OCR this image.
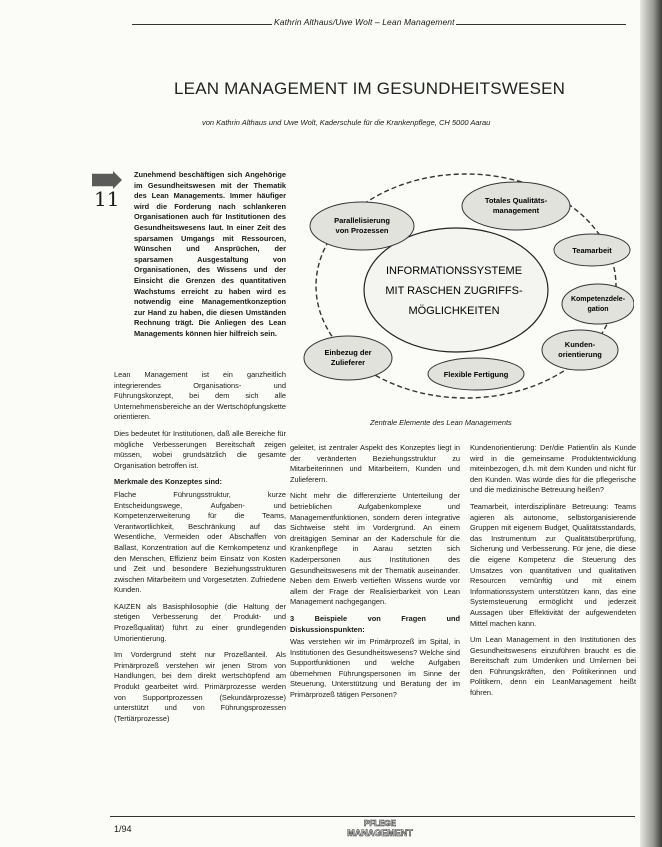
Kathrin Althaus/Uwe Wolt – Lean Management
LEAN MANAGEMENT IM GESUNDHEITSWESEN
von Kathrin Althaus und Uwe Wolt, Kaderschule für die Krankenpflege, CH 5000 Aarau
11

Zunehmend beschäftigen sich Angehörige im Gesundheitswesen mit der Thematik des Lean Managements. Immer häufiger wird die Forderung nach schlankeren Organisationen auch für Institutionen des Gesundheitswesens laut. In einer Zeit des sparsamen Umgangs mit Ressourcen, Wünschen und Ansprüchen, der sparsamen Ausgestaltung von Organisationen, des Wissens und der Einsicht die Grenzen des quantitativen Wachstums erreicht zu haben wird es notwendig eine Managementkonzeption zur Hand zu haben, die diesen Umständen Rechnung trägt. Die Anliegen des Lean Managements können hier hilfreich sein.

Lean Management ist ein ganzheitlich integrierendes Organisations- und Führungskonzept, bei dem sich alle Unternehmensbereiche an der Wertschöpfungskette orientieren.

Dies bedeutet für Institutionen, daß alle Bereiche für mögliche Verbesserungen Bereitschaft zeigen müssen, wobei grundsätzlich die gesamte Organisation betroffen ist.

Merkmale des Konzeptes sind:

Flache Führungsstruktur, kurze Entscheidungswege, Aufgaben- und Kompetenzerweiterung für die Teams, Verantwortlichkeit, Beschränkung auf das Wesentliche, Vermeiden oder Abschaffen von Ballast, Konzentration auf die Kernkompetenz und den Menschen, Effizienz beim Einsatz von Kosten und Zeit und besondere Beziehungsstrukturen zwischen Mitarbeitern und Vorgesetzten. Zufriedene Kunden.

KAIZEN als Basisphilosophie (die Haltung der stetigen Verbesserung der Produkt- und Prozeßqualität) führt zu einer grundlegenden Umorientierung.

Im Vordergrund steht nur Prozeßanteil. Als Primärprozeß verstehen wir jenen Strom von Handlungen, bei dem direkt wertschöpfend am Produkt gearbeitet wird. Primärprozesse werden von Supportprozessen (Sekundärprozesse) unterstützt und von Führungsprozessen (Tertiärprozesse)

INFORMATIONSSYSTEME
MIT RASCHEN ZUGRIFFS-
MÖGLICHKEITEN
Parallelisierung
von Prozessen
Totales Qualitäts-
management
Teamarbeit
Kompetenzdele-
gation
Kunden-
orientierung
Flexible Fertigung
Einbezug der
Zulieferer
Zentrale Elemente des Lean Managements

geleitet, ist zentraler Aspekt des Konzeptes liegt in der veränderten Beziehungsstruktur zu Mitarbeiterinnen und Mitarbeitern, Kunden und Zulieferern.

Nicht mehr die differenzierte Unterteilung der betrieblichen Aufgabenkomplexe und Managementfunktionen, sondern deren integrative Sichtweise steht im Vordergrund. An einem dreitägigen Seminar an der Kaderschule für die Krankenpflege in Aarau setzten sich Kaderpersonen aus Institutionen des Gesundheitswesens mit der Thematik auseinander. Neben dem Erwerb vertieften Wissens wurde vor allem der Frage der Realisierbarkeit von Lean Management nachgegangen.

3 Beispiele von Fragen und Diskussionspunkten:

Was verstehen wir im Primärprozeß im Spital, in Institutionen des Gesundheitswesens? Welche sind Supportfunktionen und welche Aufgaben übernehmen Führungspersonen im Sinne der Steuerung, Unterstützung und Beratung der im Primärprozeß tätigen Personen?

Kundenorientierung: Der/die Patient/in als Kunde wird in die gemeinsame Produktentwicklung miteinbezogen, d.h. mit dem Kunden und nicht für den Kunden. Was würde dies für die pflegerische und die medizinische Betreuung heißen?

Teamarbeit, interdisziplinäre Betreuung: Teams agieren als autonome, selbstorganisierende Gruppen mit eigenem Budget, Qualitätsstandards, das Instrumentum zur Qualitätsüberprüfung, Sicherung und Verbesserung. Für jene, die diese die eigene Kompetenz die Steuerung des Umsatzes von quantitativen und qualitativen Resourcen vernünftig und mit einem Informationssystem unterstützen kann, das eine Systemsteuerung ermöglicht und jederzeit Aussagen über Effektivität der aufgewendeten Mittel machen kann.

Um Lean Management in den Institutionen des Gesundheitswesens einzuführen braucht es die Bereitschaft zum Umdenken und Umlernen bei den Führungskräften, den Politikerinnen und Politikern, denn ein LeanManagement heißt führen.

1/94
PFLEGE
MANAGEMENT
